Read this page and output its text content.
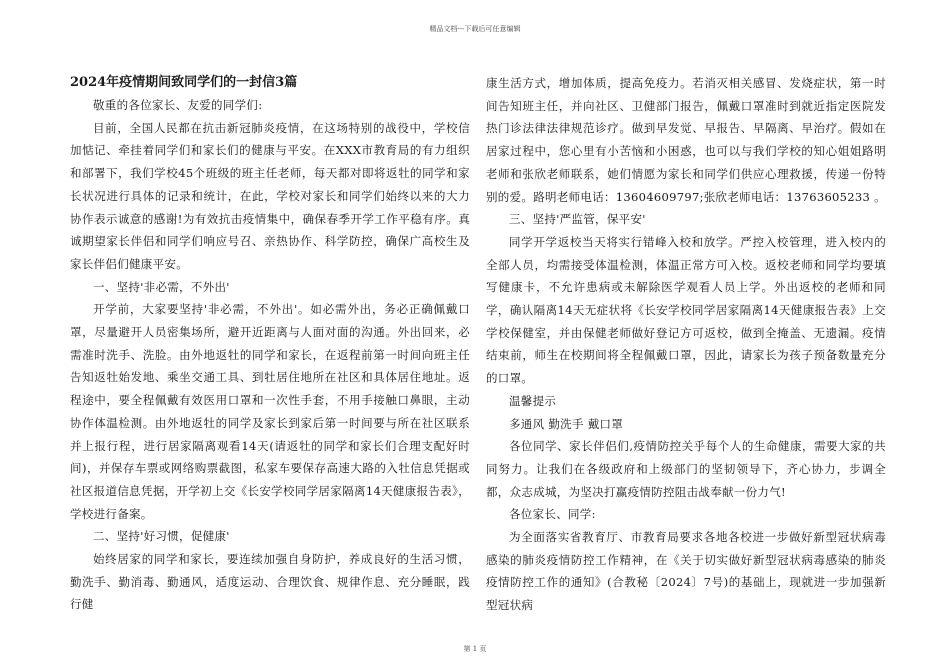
精品文档---下载后可任意编辑
2024年疫情期间致同学们的一封信3篇

敬重的各位家长、友爱的同学们:

目前，全国人民都在抗击新冠肺炎疫情，在这场特别的战役中，学校信加惦记、牵挂着同学们和家长们的健康与平安。在XXX市教育局的有力组织和部署下，我们学校45个班级的班主任老师，每天都对即将返牡的同学和家长状况进行具体的记录和统计，在此，学校对家长和同学们始终以来的大力协作表示诚意的感谢!为有效抗击疫情集中，确保春季开学工作平稳有序。真诚期望家长伴侣和同学们响应号召、亲热协作、科学防控，确保广高校生及家长伴侣们健康平安。

一、坚持'非必需，不外出'

开学前，大家要坚持'非必需，不外出'。如必需外出，务必正确佩戴口罩，尽量避开人员密集场所，避开近距离与人面对面的沟通。外出回来，必需准时洗手、洗脸。由外地返牡的同学和家长，在返程前第一时间向班主任告知返牡始发地、乘坐交通工具、到牡居住地所在社区和具体居住地址。返程途中，要全程佩戴有效医用口罩和一次性手套，不用手接触口鼻眼，主动协作体温检测。由外地返牡的同学及家长到家后第一时间要与所在社区联系并上报行程，进行居家隔离观看14天(请返牡的同学和家长们合理支配好时间)，并保存车票或网络购票截图，私家车要保存高速大路的入牡信息凭据或社区报道信息凭据，开学初上交《长安学校同学居家隔离14天健康报告表》，学校进行备案。

二、坚持'好习惯，促健康'

始终居家的同学和家长，要连续加强自身防护，养成良好的生活习惯，勤洗手、勤消毒、勤通风，适度运动、合理饮食、规律作息、充分睡眠，践行健

康生活方式，增加体质，提高免疫力。若消灭相关感冒、发烧症状，第一时间告知班主任，并向社区、卫健部门报告，佩戴口罩准时到就近指定医院发热门诊法律法律规范诊疗。做到早发觉、早报告、早隔离、早治疗。假如在居家过程中，您心里有小苦恼和小困惑，也可以与我们学校的知心姐姐路明老师和张欣老师联系，她们情愿为家长和同学们供应心理救援，传递一份特别的爱。路明老师电话：13604609797;张欣老师电话：13763605233 。

三、坚持'严监管，保平安'

同学开学返校当天将实行错峰入校和放学。严控入校管理，进入校内的全部人员，均需接受体温检测，体温正常方可入校。返校老师和同学均要填写健康卡，不允许患病或未解除医学观看人员上学。外出返校的老师和同学，确认隔离14天无症状将《长安学校同学居家隔离14天健康报告表》上交学校保健室，并由保健老师做好登记方可返校，做到全掩盖、无遗漏。疫情结束前，师生在校期间将全程佩戴口罩，因此，请家长为孩子预备数量充分的口罩。

温馨提示

多通风 勤洗手 戴口罩

各位同学、家长伴侣们,疫情防控关乎每个人的生命健康，需要大家的共同努力。让我们在各级政府和上级部门的坚韧领导下，齐心协力，步调全都，众志成城，为坚决打赢疫情防控阻击战奉献一份力气!

各位家长、同学:

为全面落实省教育厅、市教育局要求各地各校进一步做好新型冠状病毒感染的肺炎疫情防控工作精神，在《关于切实做好新型冠状病毒感染的肺炎疫情防控工作的通知》(合教秘〔2024〕7号)的基础上，现就进一步加强新型冠状病

第 1 页
